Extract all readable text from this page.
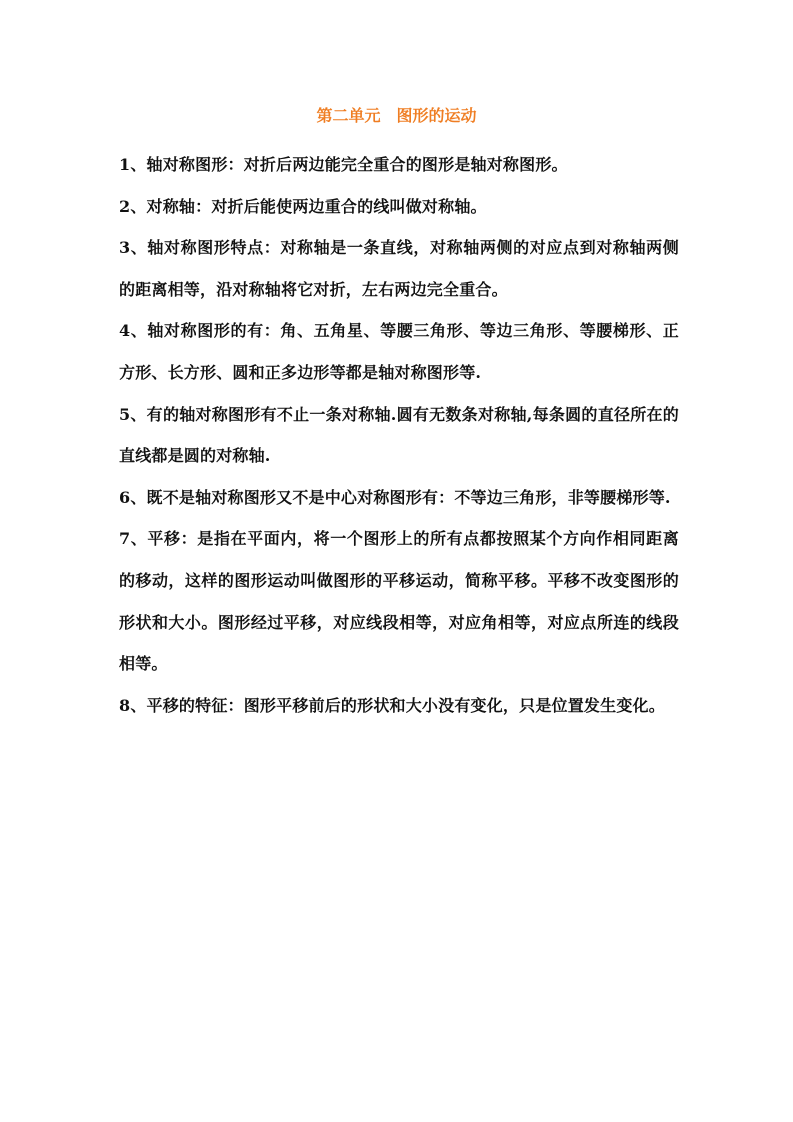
第二单元　图形的运动

1、轴对称图形：对折后两边能完全重合的图形是轴对称图形。

2、对称轴：对折后能使两边重合的线叫做对称轴。

3、轴对称图形特点：对称轴是一条直线，对称轴两侧的对应点到对称轴两侧的距离相等，沿对称轴将它对折，左右两边完全重合。

4、轴对称图形的有：角、五角星、等腰三角形、等边三角形、等腰梯形、正方形、长方形、圆和正多边形等都是轴对称图形等.

5、有的轴对称图形有不止一条对称轴.圆有无数条对称轴,每条圆的直径所在的直线都是圆的对称轴.

6、既不是轴对称图形又不是中心对称图形有：不等边三角形，非等腰梯形等.

7、平移：是指在平面内，将一个图形上的所有点都按照某个方向作相同距离的移动，这样的图形运动叫做图形的平移运动，简称平移。平移不改变图形的形状和大小。图形经过平移，对应线段相等，对应角相等，对应点所连的线段相等。

8、平移的特征：图形平移前后的形状和大小没有变化，只是位置发生变化。
